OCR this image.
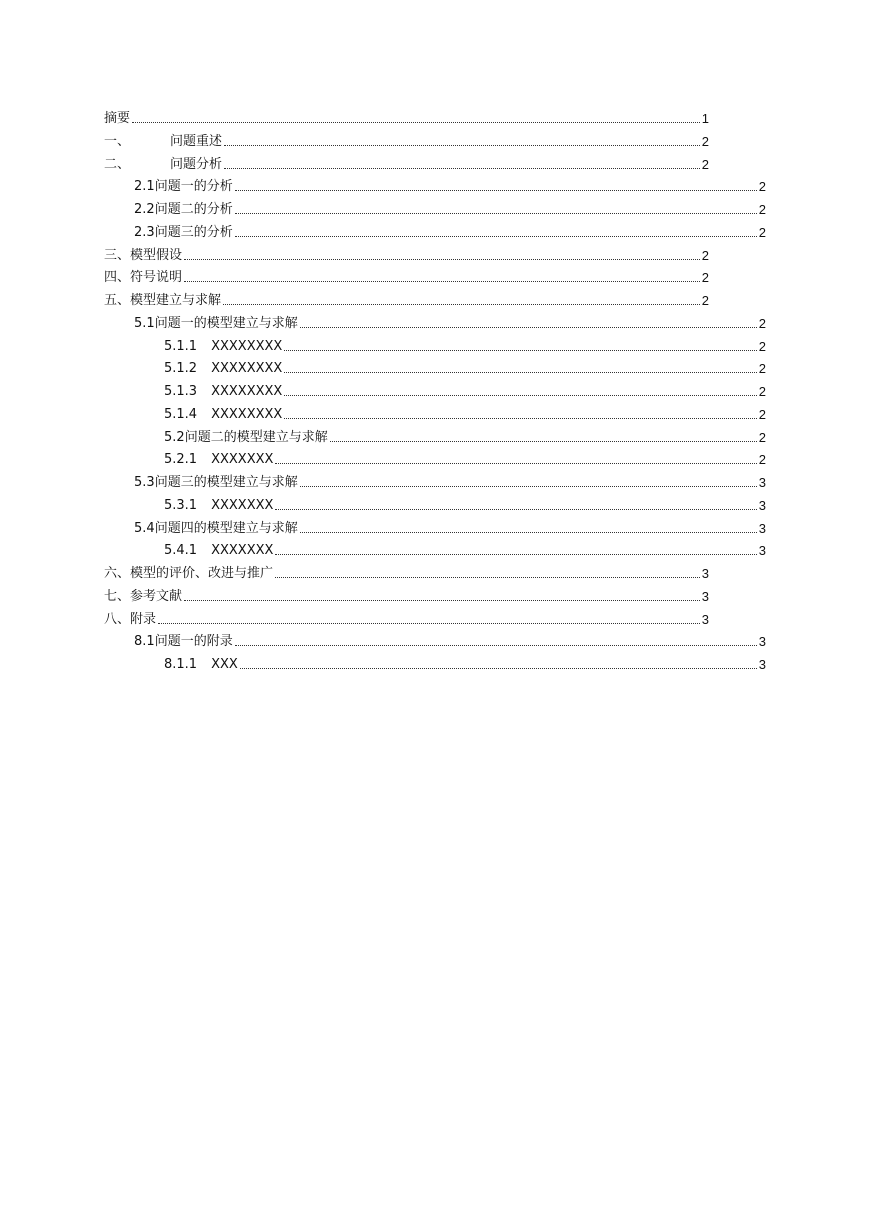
摘要	1
一、	问题重述	2
二、	问题分析	2
2.1 问题一的分析	2
2.2 问题二的分析	2
2.3 问题三的分析	2
三、 模型假设	2
四、 符号说明	2
五、 模型建立与求解	2
5.1 问题一的模型建立与求解	2
5.1.1 XXXXXXXX	2
5.1.2 XXXXXXXX	2
5.1.3 XXXXXXXX	2
5.1.4 XXXXXXXX	2
5.2 问题二的模型建立与求解	2
5.2.1 XXXXXXX	2
5.3 问题三的模型建立与求解	3
5.3.1 XXXXXXX	3
5.4 问题四的模型建立与求解	3
5.4.1 XXXXXXX	3
六、 模型的评价、改进与推广	3
七、 参考文献	3
八、 附录	3
8.1 问题一的附录	3
8.1.1 XXX	3
